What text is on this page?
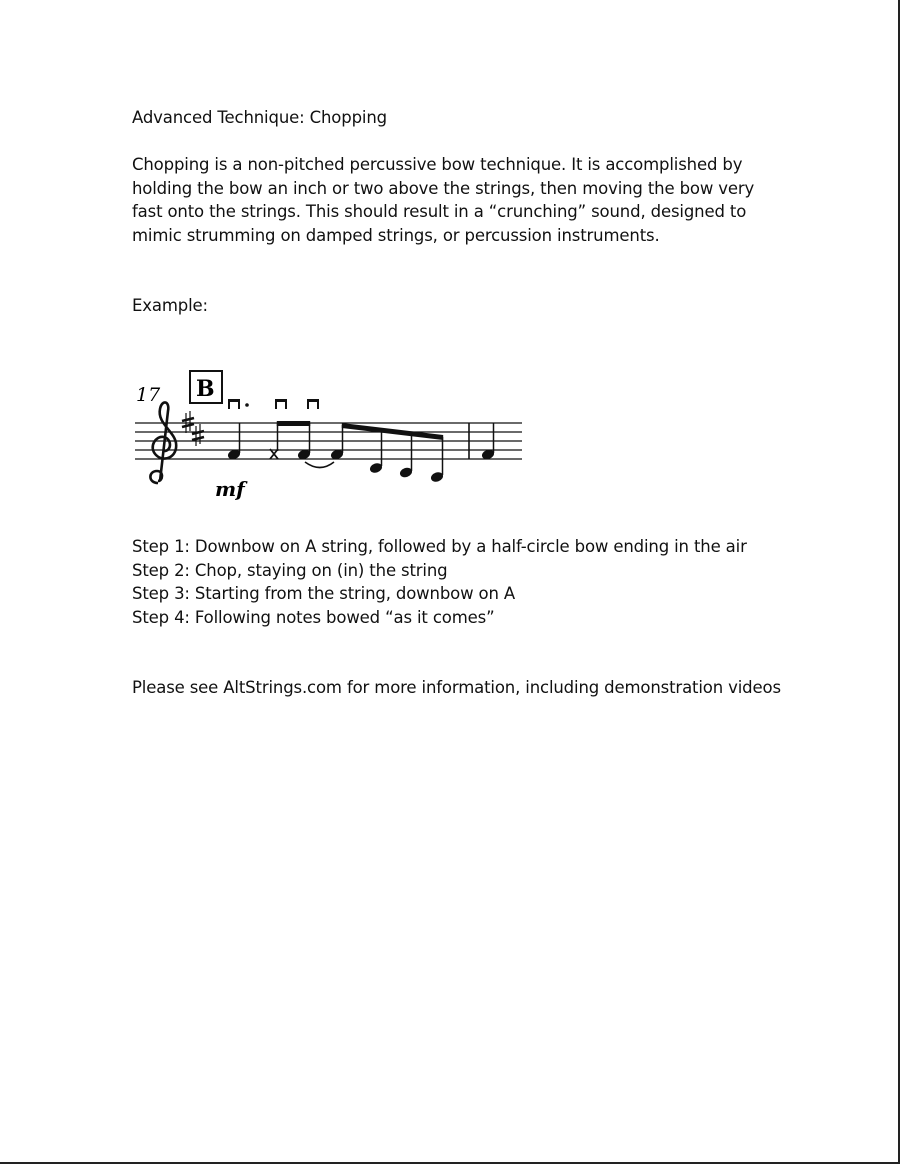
Advanced Technique: Chopping
Chopping is a non-pitched percussive bow technique. It is accomplished by
holding the bow an inch or two above the strings, then moving the bow very
fast onto the strings. This should result in a “crunching” sound, designed to
mimic strumming on damped strings, or percussion instruments.
Example:
17 B
mf
Step 1: Downbow on A string, followed by a half-circle bow ending in the air
Step 2: Chop, staying on (in) the string
Step 3: Starting from the string, downbow on A
Step 4: Following notes bowed “as it comes”
Please see AltStrings.com for more information, including demonstration videos
